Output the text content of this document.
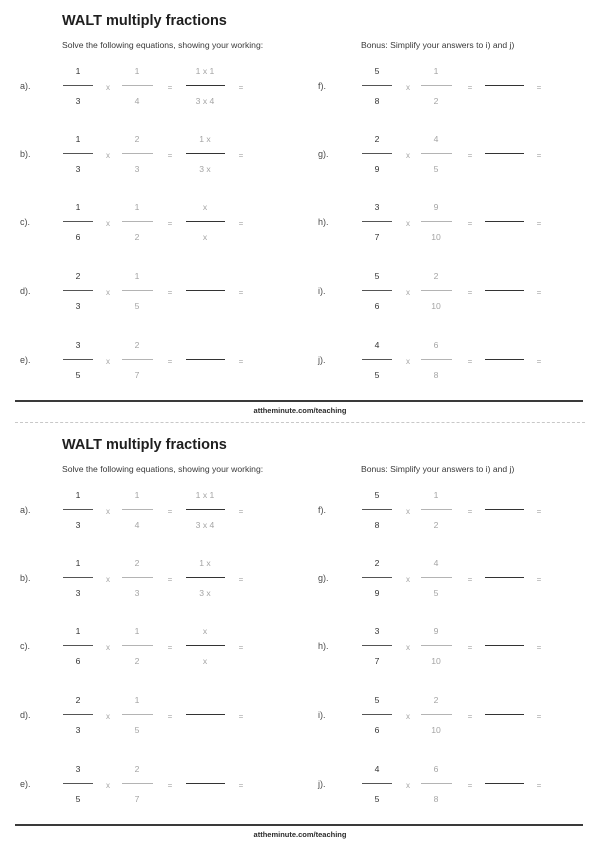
WALT multiply fractions
Solve the following equations, showing your working:	Bonus: Simplify your answers to i) and j)
a).
1
3
x
1
4
=
1 x 1
3 x 4
=
b).
1
3
x
2
3
=
1 x
3 x
=
c).
1
6
x
1
2
=
x
x
=
d).
2
3
x
1
5
=	=
e).
3
5
x
2
7
=	=
f).
5
8
x
1
2
=	=
g).
2
9
x
4
5
=	=
h).
3
7
x
9
10
=	=
i).
5
6
x
2
10
=	=
j).
4
5
x
6
8
=	=
attheminute.com/teaching
WALT multiply fractions
Solve the following equations, showing your working:	Bonus: Simplify your answers to i) and j)
a).
1
3
x
1
4
=
1 x 1
3 x 4
=
b).
1
3
x
2
3
=
1 x
3 x
=
c).
1
6
x
1
2
=
x
x
=
d).
2
3
x
1
5
=	=
e).
3
5
x
2
7
=	=
f).
5
8
x
1
2
=	=
g).
2
9
x
4
5
=	=
h).
3
7
x
9
10
=	=
i).
5
6
x
2
10
=	=
j).
4
5
x
6
8
=	=
attheminute.com/teaching
